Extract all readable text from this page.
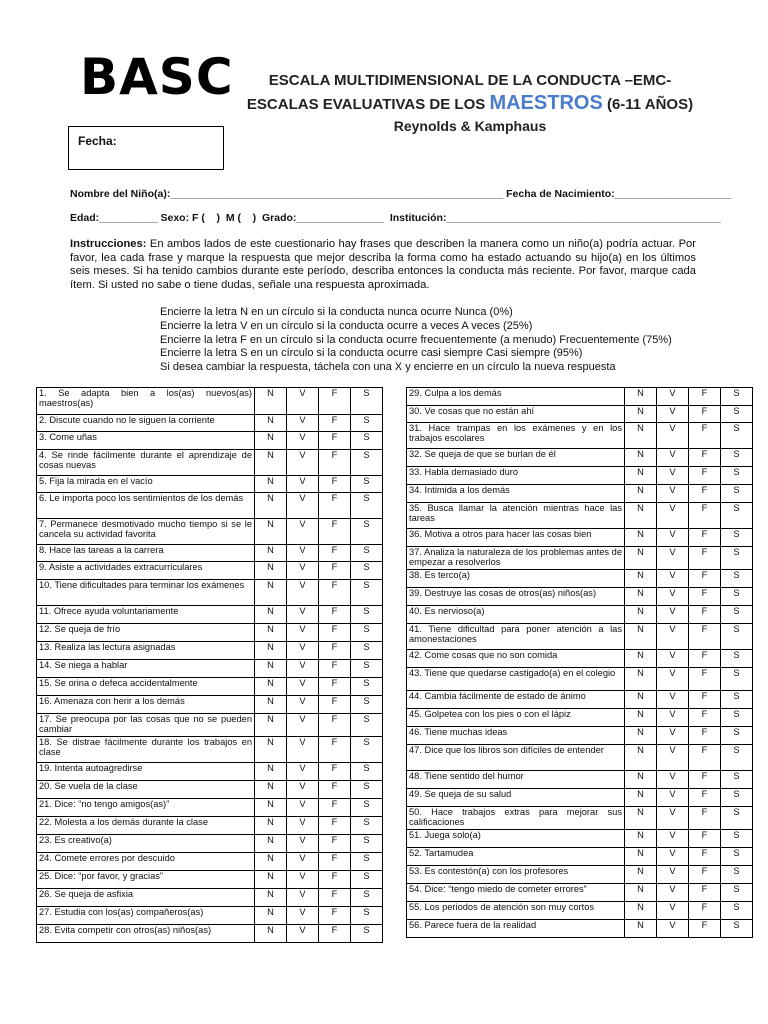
BASC	ESCALA MULTIDIMENSIONAL DE LA CONDUCTA –EMC-
ESCALAS EVALUATIVAS DE LOS MAESTROS (6-11 AÑOS)
Reynolds & Kamphaus
Fecha:
Nombre del Niño(a):_________________________________________________________ Fecha de Nacimiento:____________________
Edad:__________ Sexo: F (    )  M (    )  Grado:_______________  Institución:_______________________________________________
Instrucciones: En ambos lados de este cuestionario hay frases que describen la manera como un niño(a) podría actuar. Por favor, lea cada frase y marque la respuesta que mejor describa la forma como ha estado actuando su hijo(a) en los últimos seis meses. Si ha tenido cambios durante este período, describa entonces la conducta más reciente. Por favor, marque cada ítem. Si usted no sabe o tiene dudas, señale una respuesta aproximada.
Encierre la letra N en un círculo si la conducta nunca ocurre Nunca (0%)
Encierre la letra V en un círculo si la conducta ocurre a veces A veces (25%)
Encierre la letra F en un círculo si la conducta ocurre frecuentemente (a menudo) Frecuentemente (75%)
Encierre la letra S en un círculo si la conducta ocurre casi siempre Casi siempre (95%)
Si desea cambiar la respuesta, táchela con una X y encierre en un círculo la nueva respuesta
1. Se adapta bien a los(as) nuevos(as) maestros(as)	N	V	F	S
2. Discute cuando no le siguen la corriente	N	V	F	S
3. Come uñas	N	V	F	S
4. Se rinde fácilmente durante el aprendizaje de cosas nuevas	N	V	F	S
5. Fija la mirada en el vacío	N	V	F	S
6. Le importa poco los sentimientos de los demás	N	V	F	S
7. Permanece desmotivado mucho tiempo si se le cancela su actividad favorita	N	V	F	S
8. Hace las tareas a la carrera	N	V	F	S
9. Asiste a actividades extracurriculares	N	V	F	S
10. Tiene dificultades para terminar los exámenes	N	V	F	S
11. Ofrece ayuda voluntariamente	N	V	F	S
12. Se queja de frío	N	V	F	S
13. Realiza las lectura asignadas	N	V	F	S
14. Se niega a hablar	N	V	F	S
15. Se orina o defeca accidentalmente	N	V	F	S
16. Amenaza con herir a los demás	N	V	F	S
17. Se preocupa por las cosas que no se pueden cambiar	N	V	F	S
18. Se distrae fácilmente durante los trabajos en clase	N	V	F	S
19. Intenta autoagredirse	N	V	F	S
20. Se vuela de la clase	N	V	F	S
21. Dice: “no tengo amigos(as)”	N	V	F	S
22. Molesta a los demás durante la clase	N	V	F	S
23. Es creativo(a)	N	V	F	S
24. Comete errores por descuido	N	V	F	S
25. Dice: “por favor, y gracias”	N	V	F	S
26. Se queja de asfixia	N	V	F	S
27. Estudia con los(as) compañeros(as)	N	V	F	S
28. Evita competir con otros(as) niños(as)	N	V	F	S
29. Culpa a los demás	N	V	F	S
30. Ve cosas que no están ahí	N	V	F	S
31. Hace trampas en los exámenes y en los trabajos escolares	N	V	F	S
32. Se queja de que se burlan de él	N	V	F	S
33. Habla demasiado duro	N	V	F	S
34. Intimida a los demás	N	V	F	S
35. Busca llamar la atención mientras hace las tareas	N	V	F	S
36. Motiva a otros para hacer las cosas bien	N	V	F	S
37. Analiza la naturaleza de los problemas antes de empezar a resolverlos	N	V	F	S
38. Es terco(a)	N	V	F	S
39. Destruye las cosas de otros(as) niños(as)	N	V	F	S
40. Es nervioso(a)	N	V	F	S
41. Tiene dificultad para poner atención a las amonestaciones	N	V	F	S
42. Come cosas que no son comida	N	V	F	S
43. Tiene que quedarse castigado(a) en el colegio	N	V	F	S
44. Cambia fácilmente de estado de ánimo	N	V	F	S
45. Golpetea con los pies o con el lápiz	N	V	F	S
46. Tiene muchas ideas	N	V	F	S
47. Dice que los libros son difíciles de entender	N	V	F	S
48. Tiene sentido del humor	N	V	F	S
49. Se queja de su salud	N	V	F	S
50. Hace trabajos extras para mejorar sus calificaciones	N	V	F	S
51. Juega solo(a)	N	V	F	S
52. Tartamudea	N	V	F	S
53. Es contestón(a) con los profesores	N	V	F	S
54. Dice: “tengo miedo de cometer errores”	N	V	F	S
55. Los periodos de atención son muy cortos	N	V	F	S
56. Parece fuera de la realidad	N	V	F	S
